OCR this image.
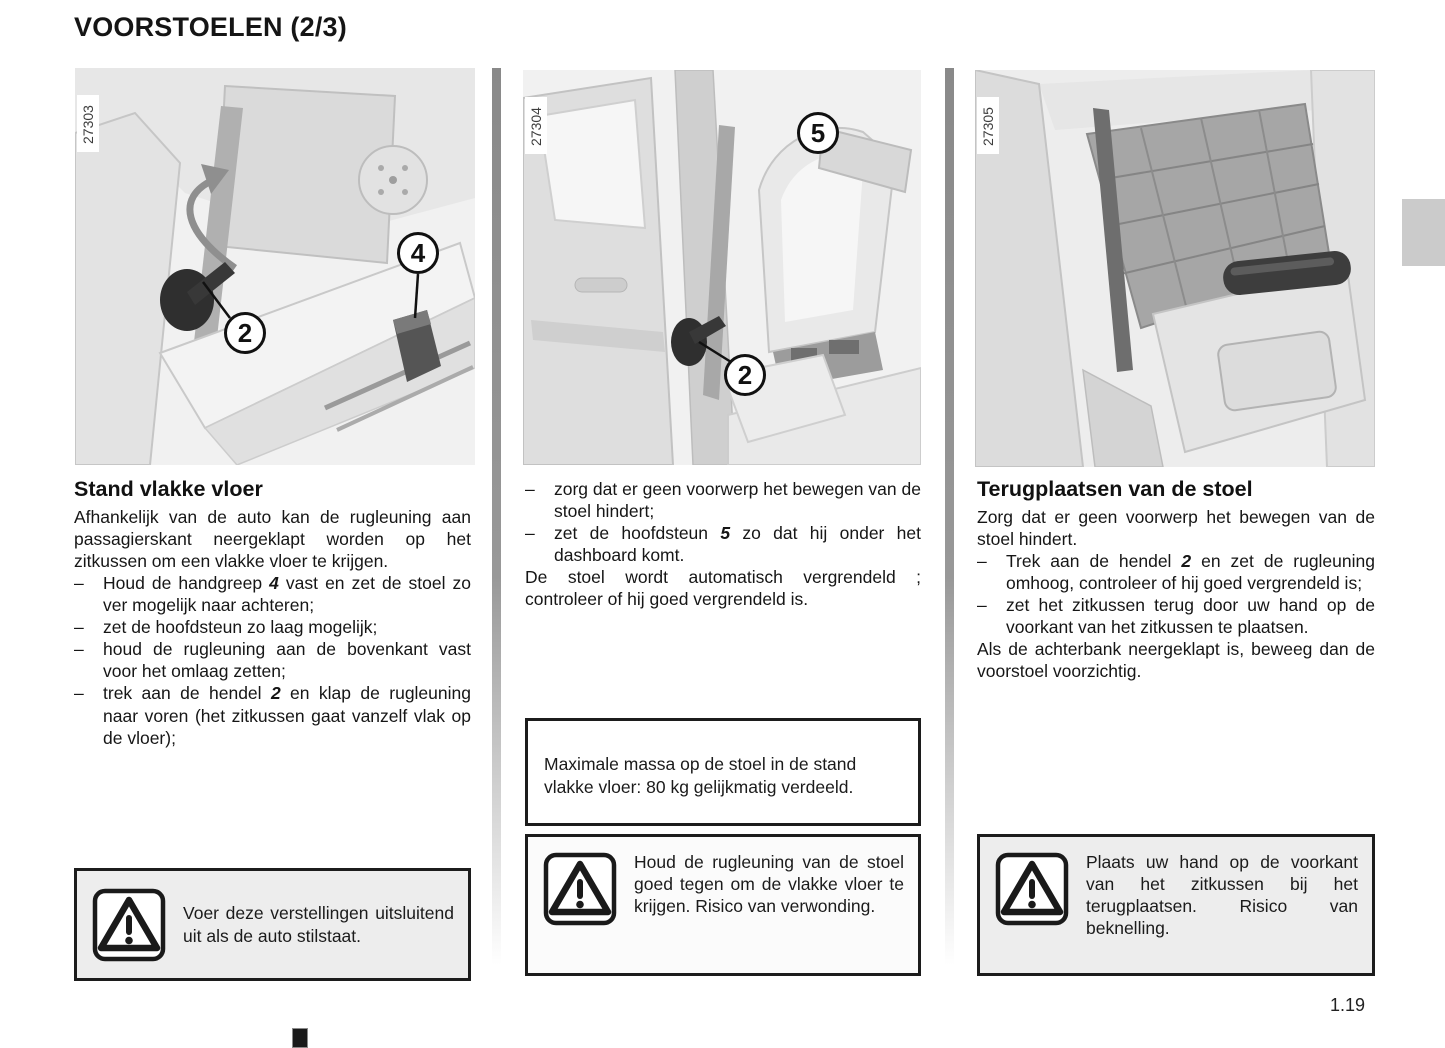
VOORSTOELEN (2/3)
2
4
27303	5
2
27304	27305
Stand vlakke vloer

Afhankelijk van de auto kan de rugleuning aan passagierskant neergeklapt worden op het zitkussen om een vlakke vloer te krijgen.

–	Houd de handgreep 4 vast en zet de stoel zo ver mogelijk naar achteren;
–	zet de hoofdsteun zo laag mogelijk;
–	houd de rugleuning aan de bovenkant vast voor het omlaag zetten;
–	trek aan de hendel 2 en klap de rugleuning naar voren (het zitkussen gaat vanzelf vlak op de vloer);
–	zorg dat er geen voorwerp het bewegen van de stoel hindert;
–	zet de hoofdsteun 5 zo dat hij onder het dashboard komt.

De stoel wordt automatisch vergrendeld ; controleer of hij goed vergrendeld is.

Maximale massa op de stoel in de stand vlakke vloer: 80 kg gelijkmatig verdeeld.

Terugplaatsen van de stoel

Zorg dat er geen voorwerp het bewegen van de stoel hindert.

–	Trek aan de hendel 2 en zet de rugleuning omhoog, controleer of hij goed vergrendeld is;
–	zet het zitkussen terug door uw hand op de voorkant van het zitkussen te plaatsen.

Als de achterbank neergeklapt is, beweeg dan de voorstoel voorzichtig.

Voer deze verstellingen uitsluitend uit als de auto stilstaat.
Houd de rugleuning van de stoel goed tegen om de vlakke vloer te krijgen. Risico van verwonding.
Plaats uw hand op de voorkant van het zitkussen bij het terugplaatsen. Risico van beknelling.
1.19
